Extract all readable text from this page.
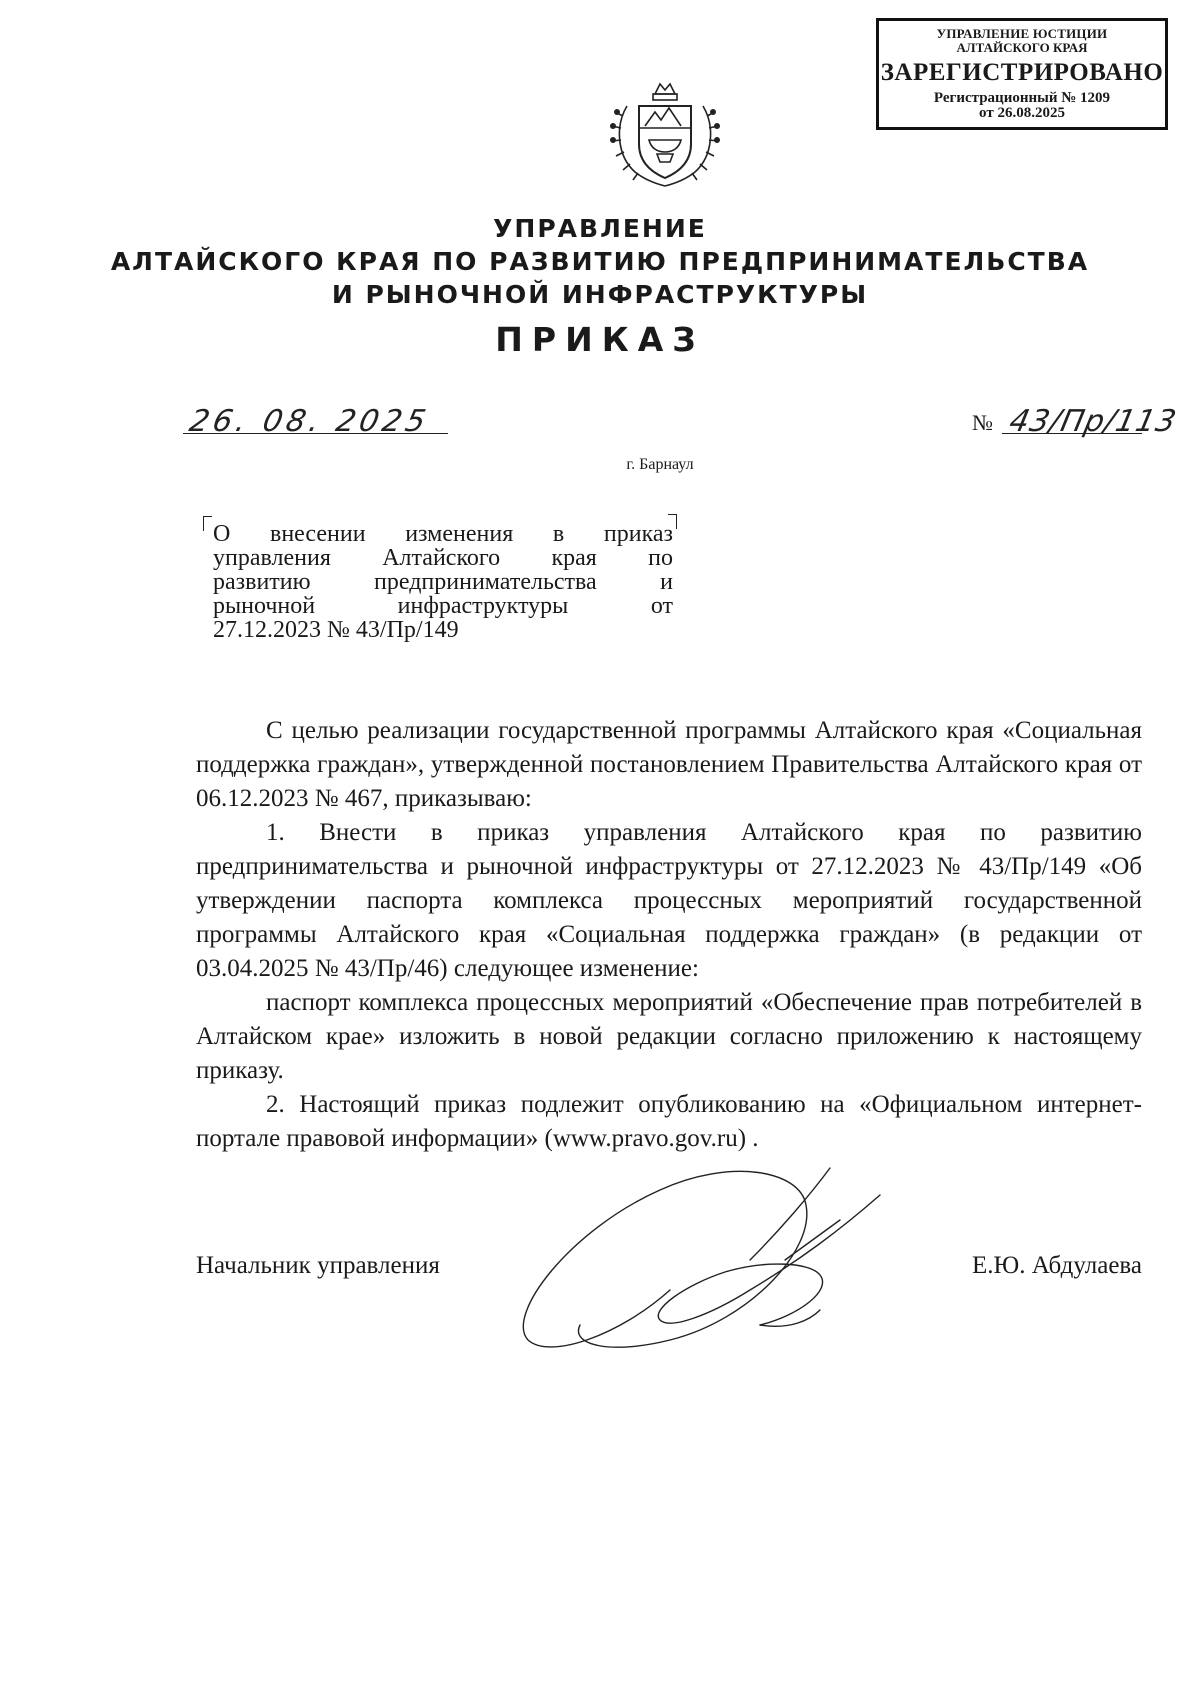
УПРАВЛЕНИЕ ЮСТИЦИИ
АЛТАЙСКОГО КРАЯ
ЗАРЕГИСТРИРОВАНО
Регистрационный № 1209
от 26.08.2025
УПРАВЛЕНИЕ
АЛТАЙСКОГО КРАЯ ПО РАЗВИТИЮ ПРЕДПРИНИМАТЕЛЬСТВА
И РЫНОЧНОЙ ИНФРАСТРУКТУРЫ
ПРИКАЗ
26. 08. 2025	№ 43/Пр/113
г. Барнаул
О внесении изменения в приказ
управления Алтайского края по
развитию предпринимательства и
рыночной инфраструктуры от
27.12.2023 № 43/Пр/149

С целью реализации государственной программы Алтайского края «Социальная поддержка граждан», утвержденной постановлением Правительства Алтайского края от 06.12.2023 № 467, приказываю:

1. Внести в приказ управления Алтайского края по развитию предпринимательства и рыночной инфраструктуры от 27.12.2023 № 43/Пр/149 «Об утверждении паспорта комплекса процессных мероприятий государственной программы Алтайского края «Социальная поддержка граждан» (в редакции от 03.04.2025 № 43/Пр/46) следующее изменение:

паспорт комплекса процессных мероприятий «Обеспечение прав потребителей в Алтайском крае» изложить в новой редакции согласно приложению к настоящему приказу.

2. Настоящий приказ подлежит опубликованию на «Официальном интернет-портале правовой информации» (www.pravo.gov.ru) .

Начальник управления	Е.Ю. Абдулаева
